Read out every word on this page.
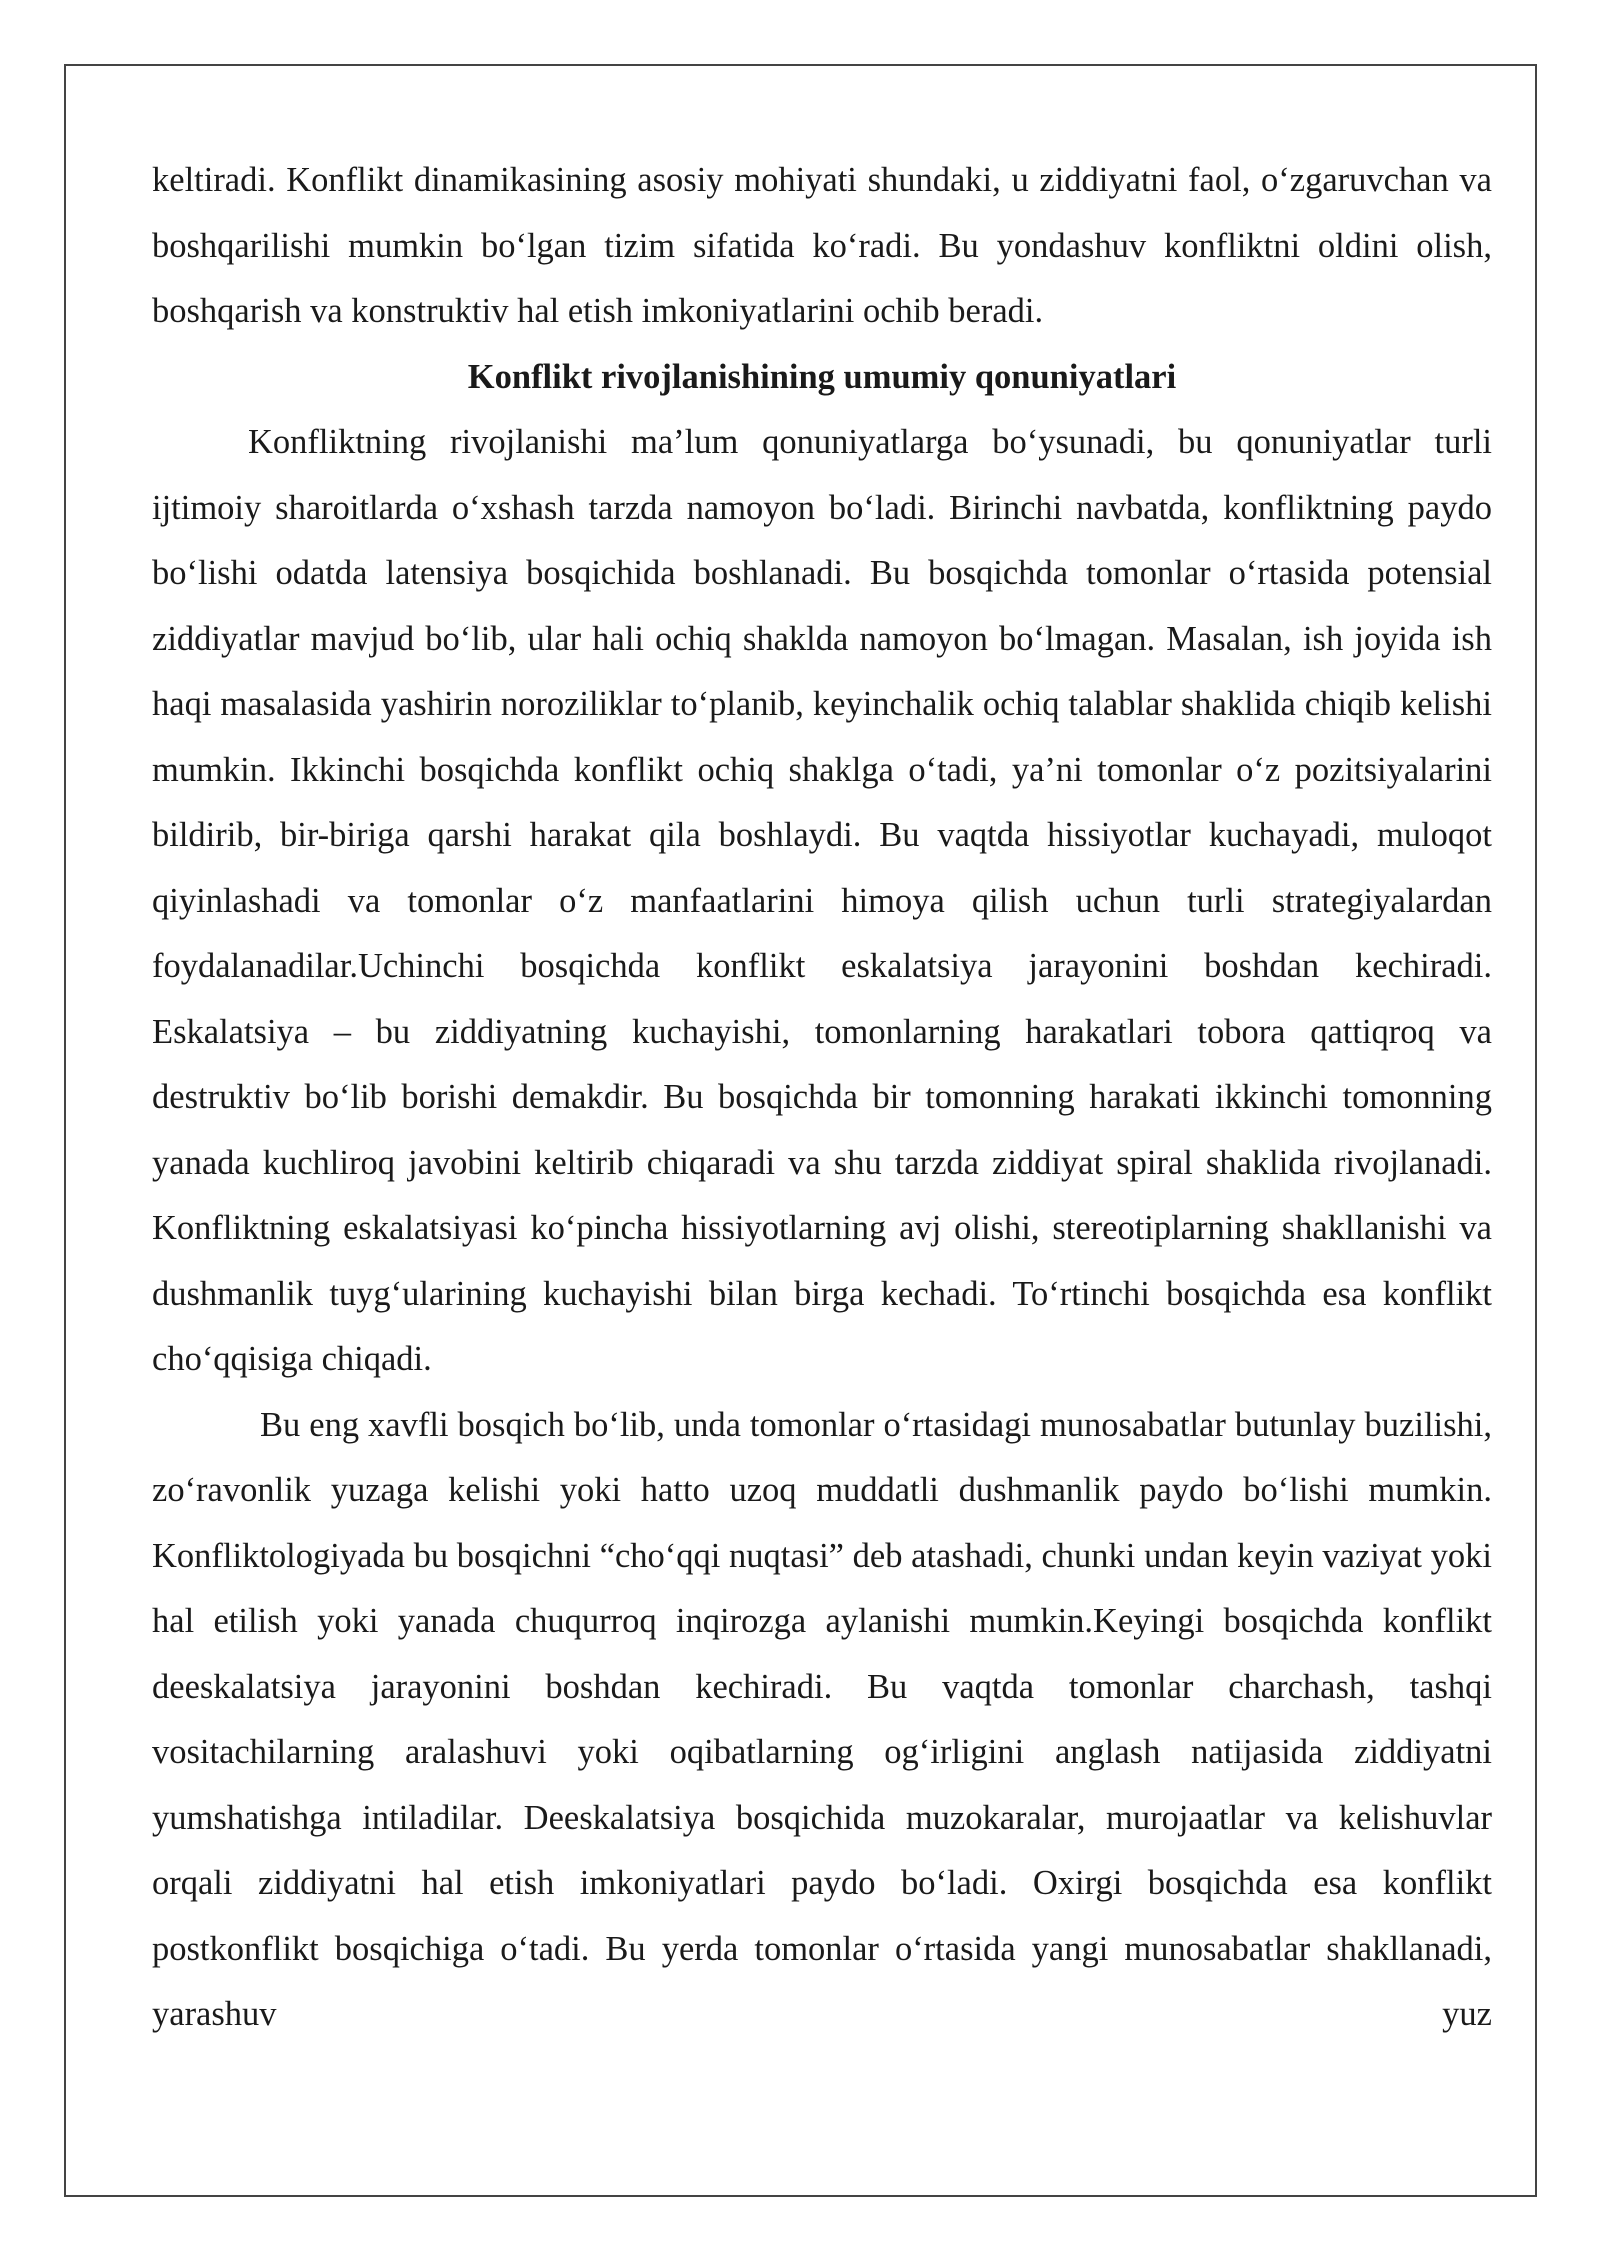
keltiradi. Konflikt dinamikasining asosiy mohiyati shundaki, u ziddiyatni faol, o‘zgaruvchan va boshqarilishi mumkin bo‘lgan tizim sifatida ko‘radi. Bu yondashuv konfliktni oldini olish, boshqarish va konstruktiv hal etish imkoniyatlarini ochib beradi.

Konflikt rivojlanishining umumiy qonuniyatlari

Konfliktning rivojlanishi ma’lum qonuniyatlarga bo‘ysunadi, bu qonuniyatlar turli ijtimoiy sharoitlarda o‘xshash tarzda namoyon bo‘ladi. Birinchi navbatda, konfliktning paydo bo‘lishi odatda latensiya bosqichida boshlanadi. Bu bosqichda tomonlar o‘rtasida potensial ziddiyatlar mavjud bo‘lib, ular hali ochiq shaklda namoyon bo‘lmagan. Masalan, ish joyida ish haqi masalasida yashirin noroziliklar to‘planib, keyinchalik ochiq talablar shaklida chiqib kelishi mumkin. Ikkinchi bosqichda konflikt ochiq shaklga o‘tadi, ya’ni tomonlar o‘z pozitsiyalarini bildirib, bir-biriga qarshi harakat qila boshlaydi. Bu vaqtda hissiyotlar kuchayadi, muloqot qiyinlashadi va tomonlar o‘z manfaatlarini himoya qilish uchun turli strategiyalardan foydalanadilar.Uchinchi bosqichda konflikt eskalatsiya jarayonini boshdan kechiradi. Eskalatsiya – bu ziddiyatning kuchayishi, tomonlarning harakatlari tobora qattiqroq va destruktiv bo‘lib borishi demakdir. Bu bosqichda bir tomonning harakati ikkinchi tomonning yanada kuchliroq javobini keltirib chiqaradi va shu tarzda ziddiyat spiral shaklida rivojlanadi. Konfliktning eskalatsiyasi ko‘pincha hissiyotlarning avj olishi, stereotiplarning shakllanishi va dushmanlik tuyg‘ularining kuchayishi bilan birga kechadi. To‘rtinchi bosqichda esa konflikt cho‘qqisiga chiqadi.

Bu eng xavfli bosqich bo‘lib, unda tomonlar o‘rtasidagi munosabatlar butunlay buzilishi, zo‘ravonlik yuzaga kelishi yoki hatto uzoq muddatli dushmanlik paydo bo‘lishi mumkin. Konfliktologiyada bu bosqichni “cho‘qqi nuqtasi” deb atashadi, chunki undan keyin vaziyat yoki hal etilish yoki yanada chuqurroq inqirozga aylanishi mumkin.Keyingi bosqichda konflikt deeskalatsiya jarayonini boshdan kechiradi. Bu vaqtda tomonlar charchash, tashqi vositachilarning aralashuvi yoki oqibatlarning og‘irligini anglash natijasida ziddiyatni yumshatishga intiladilar. Deeskalatsiya bosqichida muzokaralar, murojaatlar va kelishuvlar orqali ziddiyatni hal etish imkoniyatlari paydo bo‘ladi. Oxirgi bosqichda esa konflikt postkonflikt bosqichiga o‘tadi. Bu yerda tomonlar o‘rtasida yangi munosabatlar shakllanadi, yarashuv yuz
